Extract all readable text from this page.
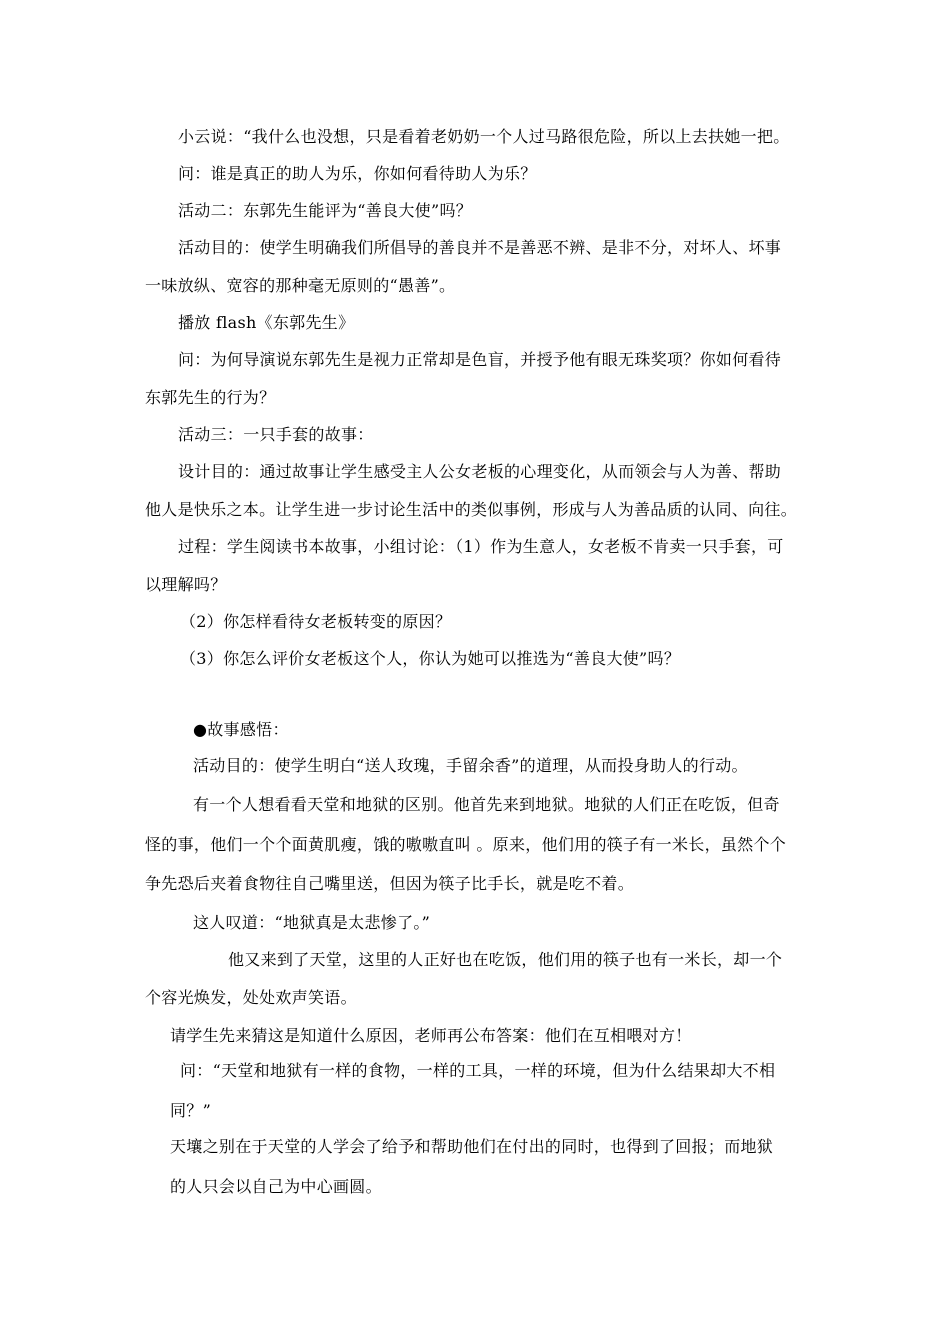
小云说：“我什么也没想，只是看着老奶奶一个人过马路很危险，所以上去扶她一把。
问：谁是真正的助人为乐，你如何看待助人为乐？
活动二：东郭先生能评为“善良大使”吗？
活动目的：使学生明确我们所倡导的善良并不是善恶不辨、是非不分，对坏人、坏事
一味放纵、宽容的那种毫无原则的“愚善”。
播放 flash《东郭先生》
问：为何导演说东郭先生是视力正常却是色盲，并授予他有眼无珠奖项？你如何看待
东郭先生的行为？
活动三：一只手套的故事：
设计目的：通过故事让学生感受主人公女老板的心理变化，从而领会与人为善、帮助
他人是快乐之本。让学生进一步讨论生活中的类似事例，形成与人为善品质的认同、向往。
过程：学生阅读书本故事，小组讨论：（1）作为生意人，女老板不肯卖一只手套，可
以理解吗？
（2）你怎样看待女老板转变的原因？
（3）你怎么评价女老板这个人，你认为她可以推选为“善良大使”吗？
●故事感悟：
活动目的：使学生明白“送人玫瑰，手留余香”的道理，从而投身助人的行动。
有一个人想看看天堂和地狱的区别。他首先来到地狱。地狱的人们正在吃饭，但奇
怪的事，他们一个个面黄肌瘦，饿的嗷嗷直叫 。原来，他们用的筷子有一米长，虽然个个
争先恐后夹着食物往自己嘴里送，但因为筷子比手长，就是吃不着。
这人叹道：“地狱真是太悲惨了。”
他又来到了天堂，这里的人正好也在吃饭，他们用的筷子也有一米长，却一个
个容光焕发，处处欢声笑语。
请学生先来猜这是知道什么原因，老师再公布答案：他们在互相喂对方！
问：“天堂和地狱有一样的食物，一样的工具，一样的环境，但为什么结果却大不相
同？”
天壤之别在于天堂的人学会了给予和帮助他们在付出的同时，也得到了回报；而地狱
的人只会以自己为中心画圆。
